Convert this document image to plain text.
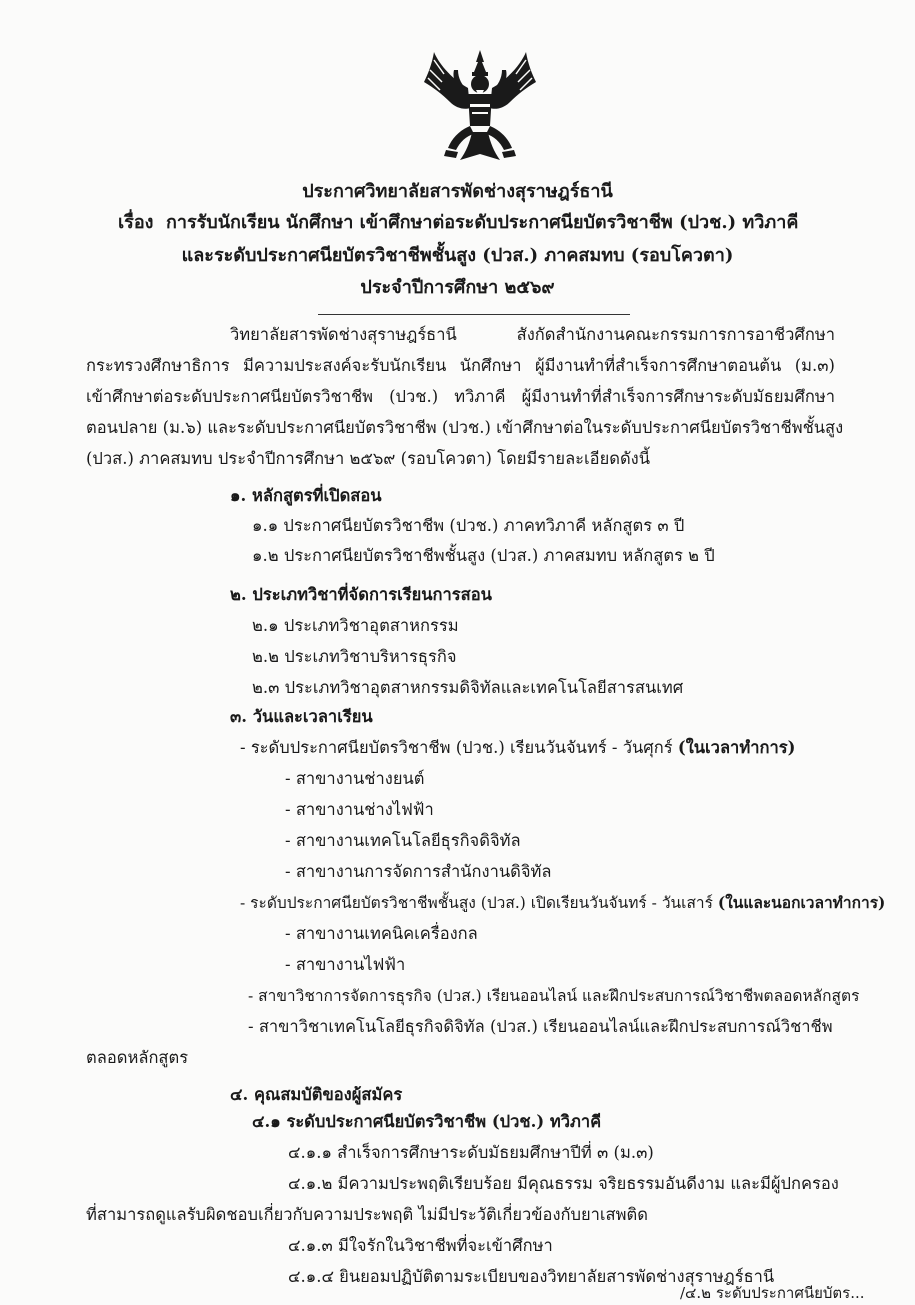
ประกาศวิทยาลัยสารพัดช่างสุราษฎร์ธานี
เรื่อง การรับนักเรียน นักศึกษา เข้าศึกษาต่อระดับประกาศนียบัตรวิชาชีพ (ปวช.) ทวิภาคี
และระดับประกาศนียบัตรวิชาชีพชั้นสูง (ปวส.) ภาคสมทบ (รอบโควตา)
ประจำปีการศึกษา ๒๕๖๙
วิทยาลัยสารพัดช่างสุราษฎร์ธานี สังกัดสำนักงานคณะกรรมการการอาชีวศึกษา
กระทรวงศึกษาธิการ มีความประสงค์จะรับนักเรียน นักศึกษา ผู้มีงานทำที่สำเร็จการศึกษาตอนต้น (ม.๓)
เข้าศึกษาต่อระดับประกาศนียบัตรวิชาชีพ (ปวช.) ทวิภาคี ผู้มีงานทำที่สำเร็จการศึกษาระดับมัธยมศึกษา
ตอนปลาย (ม.๖) และระดับประกาศนียบัตรวิชาชีพ (ปวช.) เข้าศึกษาต่อในระดับประกาศนียบัตรวิชาชีพชั้นสูง
(ปวส.) ภาคสมทบ ประจำปีการศึกษา ๒๕๖๙ (รอบโควตา) โดยมีรายละเอียดดังนี้
๑. หลักสูตรที่เปิดสอน
๑.๑ ประกาศนียบัตรวิชาชีพ (ปวช.) ภาคทวิภาคี หลักสูตร ๓ ปี
๑.๒ ประกาศนียบัตรวิชาชีพชั้นสูง (ปวส.) ภาคสมทบ หลักสูตร ๒ ปี
๒. ประเภทวิชาที่จัดการเรียนการสอน
๒.๑ ประเภทวิชาอุตสาหกรรม
๒.๒ ประเภทวิชาบริหารธุรกิจ
๒.๓ ประเภทวิชาอุตสาหกรรมดิจิทัลและเทคโนโลยีสารสนเทศ
๓. วันและเวลาเรียน
- ระดับประกาศนียบัตรวิชาชีพ (ปวช.) เรียนวันจันทร์ - วันศุกร์ (ในเวลาทำการ)
- สาขางานช่างยนต์
- สาขางานช่างไฟฟ้า
- สาขางานเทคโนโลยีธุรกิจดิจิทัล
- สาขางานการจัดการสำนักงานดิจิทัล
- ระดับประกาศนียบัตรวิชาชีพชั้นสูง (ปวส.) เปิดเรียนวันจันทร์ - วันเสาร์ (ในและนอกเวลาทำการ)
- สาขางานเทคนิคเครื่องกล
- สาขางานไฟฟ้า
- สาขาวิชาการจัดการธุรกิจ (ปวส.) เรียนออนไลน์ และฝึกประสบการณ์วิชาชีพตลอดหลักสูตร
- สาขาวิชาเทคโนโลยีธุรกิจดิจิทัล (ปวส.) เรียนออนไลน์และฝึกประสบการณ์วิชาชีพ
ตลอดหลักสูตร
๔. คุณสมบัติของผู้สมัคร
๔.๑ ระดับประกาศนียบัตรวิชาชีพ (ปวช.) ทวิภาคี
๔.๑.๑ สำเร็จการศึกษาระดับมัธยมศึกษาปีที่ ๓ (ม.๓)
๔.๑.๒ มีความประพฤติเรียบร้อย มีคุณธรรม จริยธรรมอันดีงาม และมีผู้ปกครอง
ที่สามารถดูแลรับผิดชอบเกี่ยวกับความประพฤติ ไม่มีประวัติเกี่ยวข้องกับยาเสพติด
๔.๑.๓ มีใจรักในวิชาชีพที่จะเข้าศึกษา
๔.๑.๔ ยินยอมปฏิบัติตามระเบียบของวิทยาลัยสารพัดช่างสุราษฎร์ธานี
/๔.๒ ระดับประกาศนียบัตร...
